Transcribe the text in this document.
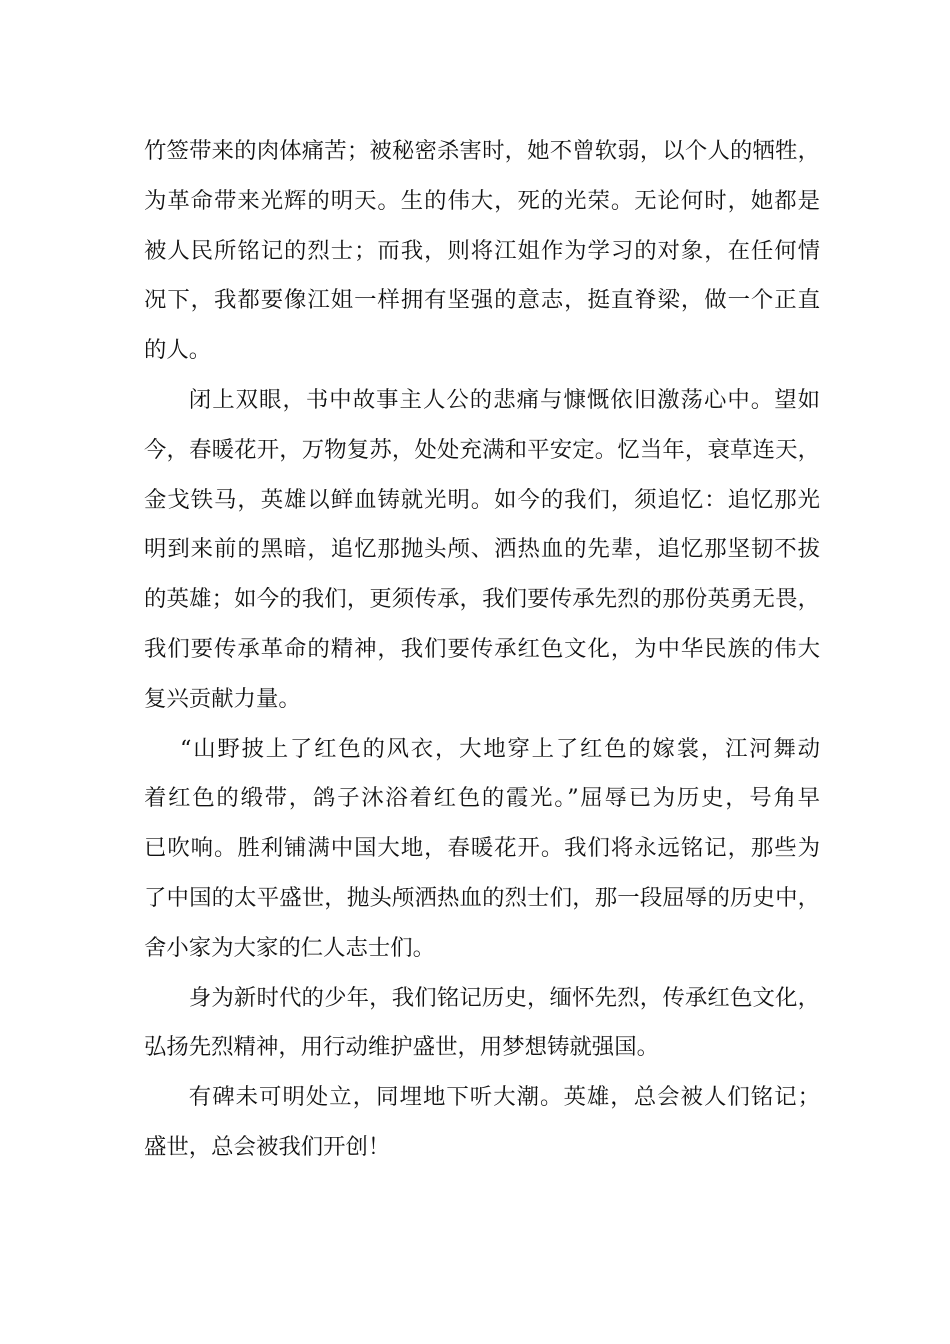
竹签带来的肉体痛苦；被秘密杀害时，她不曾软弱，以个人的牺牲，
为革命带来光辉的明天。生的伟大，死的光荣。无论何时，她都是
被人民所铭记的烈士；而我，则将江姐作为学习的对象，在任何情
况下，我都要像江姐一样拥有坚强的意志，挺直脊梁，做一个正直
的人。
闭上双眼，书中故事主人公的悲痛与慷慨依旧激荡心中。望如
今，春暖花开，万物复苏，处处充满和平安定。忆当年，衰草连天，
金戈铁马，英雄以鲜血铸就光明。如今的我们，须追忆：追忆那光
明到来前的黑暗，追忆那抛头颅、洒热血的先辈，追忆那坚韧不拔
的英雄；如今的我们，更须传承，我们要传承先烈的那份英勇无畏，
我们要传承革命的精神，我们要传承红色文化，为中华民族的伟大
复兴贡献力量。
“山野披上了红色的风衣，大地穿上了红色的嫁裳，江河舞动
着红色的缎带，鸽子沐浴着红色的霞光。”屈辱已为历史，号角早
已吹响。胜利铺满中国大地，春暖花开。我们将永远铭记，那些为
了中国的太平盛世，抛头颅洒热血的烈士们，那一段屈辱的历史中，
舍小家为大家的仁人志士们。
身为新时代的少年，我们铭记历史，缅怀先烈，传承红色文化，
弘扬先烈精神，用行动维护盛世，用梦想铸就强国。
有碑未可明处立，同埋地下听大潮。英雄，总会被人们铭记；
盛世，总会被我们开创！
